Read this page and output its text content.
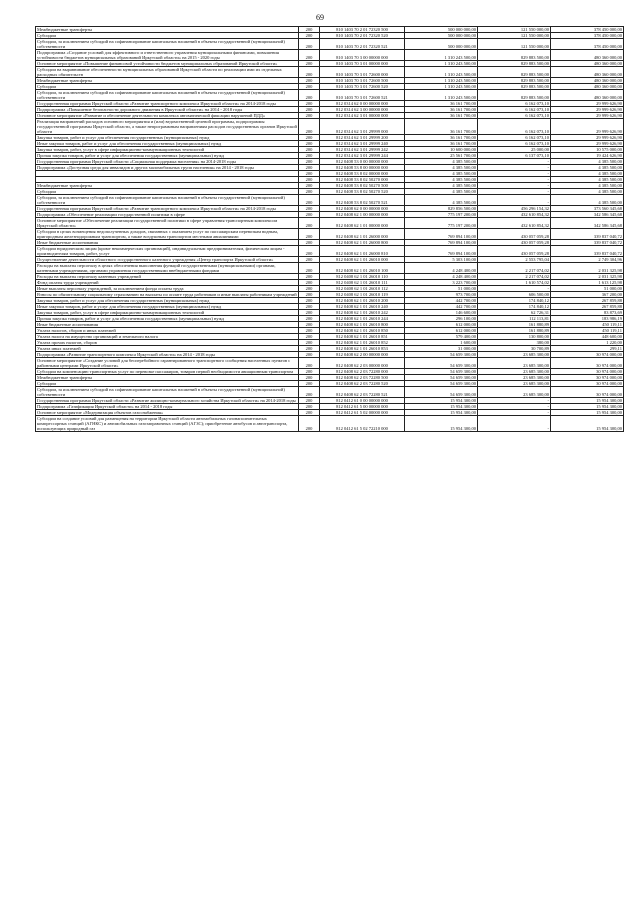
69
Межбюджетные трансферты	200	810 1403 70 2 01 72320 500	500 000 000,00	121 550 000,00	378 450 000,00
Субсидии	200	810 1403 70 2 01 72320 520	500 000 000,00	121 550 000,00	378 450 000,00
Субсидии, за исключением субсидий на софинансирование капитальных вложений в объекты государственной (муниципальной) собственности	200	810 1403 70 2 01 72320 521	500 000 000,00	121 550 000,00	378 450 000,00
Подпрограмма «Создание условий для эффективного и ответственного управления муниципальными финансами, повышения устойчивости бюджетов муниципальных образований Иркутской области» на 2015 - 2020 годы	200	810 1403 70 3 00 00000 000	1 310 243 500,00	829 883 500,00	480 360 000,00
Основное мероприятие «Повышение финансовой устойчивости бюджетов муниципальных образований Иркутской области»	200	810 1403 70 3 01 00000 000	1 310 243 500,00	829 883 500,00	480 360 000,00
Субсидии на выравнивание обеспеченности муниципальных образований Иркутской области по реализации ими их отдельных расходных обязательств	200	810 1403 70 3 01 72600 000	1 310 243 500,00	829 883 500,00	480 360 000,00
Межбюджетные трансферты	200	810 1403 70 3 01 72600 500	1 310 243 500,00	829 883 500,00	480 360 000,00
Субсидии	200	810 1403 70 3 01 72600 520	1 310 243 500,00	829 883 500,00	480 360 000,00
Субсидии, за исключением субсидий на софинансирование капитальных вложений в объекты государственной (муниципальной) собственности	200	810 1403 70 3 01 72600 521	1 310 243 500,00	829 883 500,00	480 360 000,00
Государственная программа Иркутской области «Развитие транспортного комплекса Иркутской области» на 2014-2018 годы	200	812 0314 62 0 00 00000 000	36 161 700,00	6 162 073,10	29 999 626,90
Подпрограмма «Повышение безопасности дорожного движения в Иркутской области» на 2014 - 2018 годы	200	812 0314 62 3 00 00000 000	36 161 700,00	6 162 073,10	29 999 626,90
Основное мероприятие «Развитие и обеспечение деятельности комплекса автоматической фиксации нарушений ПДД»	200	812 0314 62 3 01 00000 000	36 161 700,00	6 162 073,10	29 999 626,90
Реализация направлений расходов основного мероприятия и (или) ведомственной целевой программы, подпрограммы государственной программы Иркутской области, а также непрограммным направлениям расходов государственных органов Иркутской области	200	812 0314 62 3 01 29999 000	36 161 700,00	6 162 073,10	29 999 626,90
Закупка товаров, работ и услуг для обеспечения государственных (муниципальных) нужд	200	812 0314 62 3 01 29999 200	36 161 700,00	6 162 073,10	29 999 626,90
Иные закупки товаров, работ и услуг для обеспечения государственных (муниципальных) нужд	200	812 0314 62 3 01 29999 240	36 161 700,00	6 162 073,10	29 999 626,90
Закупка товаров, работ, услуг в сфере информационно-коммуникационных технологий	200	812 0314 62 3 01 29999 242	10 600 000,00	25 000,00	10 575 000,00
Прочая закупка товаров, работ и услуг для обеспечения государственных (муниципальных) нужд	200	812 0314 62 3 01 29999 244	25 561 700,00	6 137 073,10	19 424 626,90
Государственная программа Иркутской области «Социальная поддержка населения» на 2014-2018 годы	200	812 0408 53 0 00 00000 000	4 385 500,00	-	4 385 500,00
Подпрограмма «Доступная среда для инвалидов и других маломобильных групп населения» на 2014 - 2018 годы	200	812 0408 53 8 00 00000 000	4 385 500,00	-	4 385 500,00
	200	812 0408 53 8 02 00000 000	4 385 500,00	-	4 385 500,00
	200	812 0408 53 8 02 50270 000	4 385 500,00	-	4 385 500,00
Межбюджетные трансферты	200	812 0408 53 8 02 50270 500	4 385 500,00	-	4 385 500,00
Субсидии	200	812 0408 53 8 02 50270 520	4 385 500,00	-	4 385 500,00
Субсидии, за исключением субсидий на софинансирование капитальных вложений в объекты государственной (муниципальной) собственности	200	812 0408 53 8 02 50270 521	4 385 500,00	-	4 385 500,00
Государственная программа Иркутской области «Развитие транспортного комплекса Иркутской области» на 2014-2018 годы	200	812 0408 62 0 00 00000 000	829 856 500,00	456 296 154,32	373 560 345,68
Подпрограмма «Обеспечение реализации государственной политики в сфере	200	812 0408 62 1 00 00000 000	775 197 200,00	432 610 854,32	342 586 345,68
Основное мероприятие «Обеспечение реализации государственной политики в сфере управления транспортным комплексом Иркутской области»	200	812 0408 62 1 01 00000 000	775 197 200,00	432 610 854,32	342 586 345,68
Субсидии в целях возмещения недополученных доходов, связанных с оказанием услуг по пассажирским перевозкам водным, пригородным железнодорожным транспортом, а также воздушным транспортом местными авиалиниями	200	812 0408 62 1 01 26000 000	769 894 100,00	430 057 059,28	339 837 040,72
Иные бюджетные ассигнования	200	812 0408 62 1 01 26000 800	769 894 100,00	430 057 059,28	339 837 040,72
Субсидии юридическим лицам (кроме некоммерческих организаций), индивидуальным предпринимателям, физическим лицам - производителям товаров, работ, услуг	200	812 0408 62 1 01 26000 810	769 894 100,00	430 057 059,28	339 837 040,72
Осуществление деятельности областного государственного казенного учреждения «Центр транспорта Иркутской области»	200	812 0408 62 1 01 26010 000	5 303 100,00	2 553 795,04	2 749 304,96
Расходы на выплаты персоналу в целях обеспечения выполнения функций государственными (муниципальными) органами, казенными учреждениями, органами управления государственными внебюджетными фондами	200	812 0408 62 1 01 26010 100	4 248 400,00	2 217 074,02	2 031 325,98
Расходы на выплаты персоналу казенных учреждений	200	812 0408 62 1 01 26010 110	4 248 400,00	2 217 074,02	2 031 325,98
Фонд оплаты труда учреждений	200	812 0408 62 1 01 26010 111	3 223 700,00	1 610 574,02	1 613 125,98
Иные выплаты персоналу учреждений, за исключением фонда оплаты труда	200	812 0408 62 1 01 26010 112	51 000,00	-	51 000,00
Взносы по обязательному социальному страхованию на выплаты по оплате труда работников и иные выплаты работникам учреждений	200	812 0408 62 1 01 26010 119	973 700,00	606 500,00	367 200,00
Закупка товаров, работ и услуг для обеспечения государственных (муниципальных) нужд	200	812 0408 62 1 01 26010 200	442 700,00	174 840,12	267 859,88
Иные закупки товаров, работ и услуг для обеспечения государственных (муниципальных) нужд	200	812 0408 62 1 01 26010 240	442 700,00	174 840,12	267 859,88
Закупка товаров, работ, услуг в сфере информационно-коммуникационных технологий	200	812 0408 62 1 01 26010 242	146 600,00	62 726,31	83 873,69
Прочая закупка товаров, работ и услуг для обеспечения государственных (муниципальных) нужд	200	812 0408 62 1 01 26010 244	296 100,00	112 113,81	183 986,19
Иные бюджетные ассигнования	200	812 0408 62 1 01 26010 800	612 000,00	161 880,89	450 119,11
Уплата налогов, сборов и иных платежей	200	812 0408 62 1 01 26010 850	612 000,00	161 880,89	450 119,11
Уплата налога на имущество организаций и земельного налога	200	812 0408 62 1 01 26010 851	579 400,00	130 800,00	448 600,00
Уплата прочих налогов, сборов	200	812 0408 62 1 01 26010 852	1 600,00	380,00	1 220,00
Уплата иных платежей	200	812 0408 62 1 01 26010 853	31 000,00	30 700,89	299,11
Подпрограмма «Развитие транспортного комплекса Иркутской области» на 2014 - 2018 годы	200	812 0408 62 2 00 00000 000	54 659 300,00	23 685 300,00	30 974 000,00
Основное мероприятие «Создание условий для бесперебойного гарантированного транспортного сообщения населенных пунктов с районными центрами Иркутской области»	200	812 0408 62 2 03 00000 000	54 659 300,00	23 685 300,00	30 974 000,00
Субсидии на компенсацию транспортных услуг по перевозке пассажиров, товаров первой необходимости авиационным транспортом	200	812 0408 62 2 03 72280 000	54 659 300,00	23 685 300,00	30 974 000,00
Межбюджетные трансферты	200	812 0408 62 2 03 72280 500	54 659 300,00	23 685 300,00	30 974 000,00
Субсидии	200	812 0408 62 2 03 72280 520	54 659 300,00	23 685 300,00	30 974 000,00
Субсидии, за исключением субсидий на софинансирование капитальных вложений в объекты государственной (муниципальной) собственности	200	812 0408 62 2 03 72280 521	54 659 300,00	23 685 300,00	30 974 000,00
Государственная программа Иркутской области «Развитие жилищно-коммунального хозяйства Иркутской области» на 2014-2018 годы	200	812 0412 61 0 00 00000 000	15 954 300,00	-	15 954 300,00
Подпрограмма «Газификация Иркутской области» на 2014 - 2018 годы	200	812 0412 61 5 00 00000 000	15 954 300,00	-	15 954 300,00
Основное мероприятие «Модернизация объектов газоснабжения»	200	812 0412 61 5 02 00000 000	15 954 300,00	-	15 954 300,00
Субсидии на создание условий для размещения на территории Иркутской области автомобильных газонаполнительных компрессорных станций (АГНКС) и автомобильных газозаправочных станций (АГЗС); приобретение автобусов и автотранспорта, использующих природный газ	200	812 0412 61 5 02 72210 000	15 954 300,00	-	15 954 300,00
